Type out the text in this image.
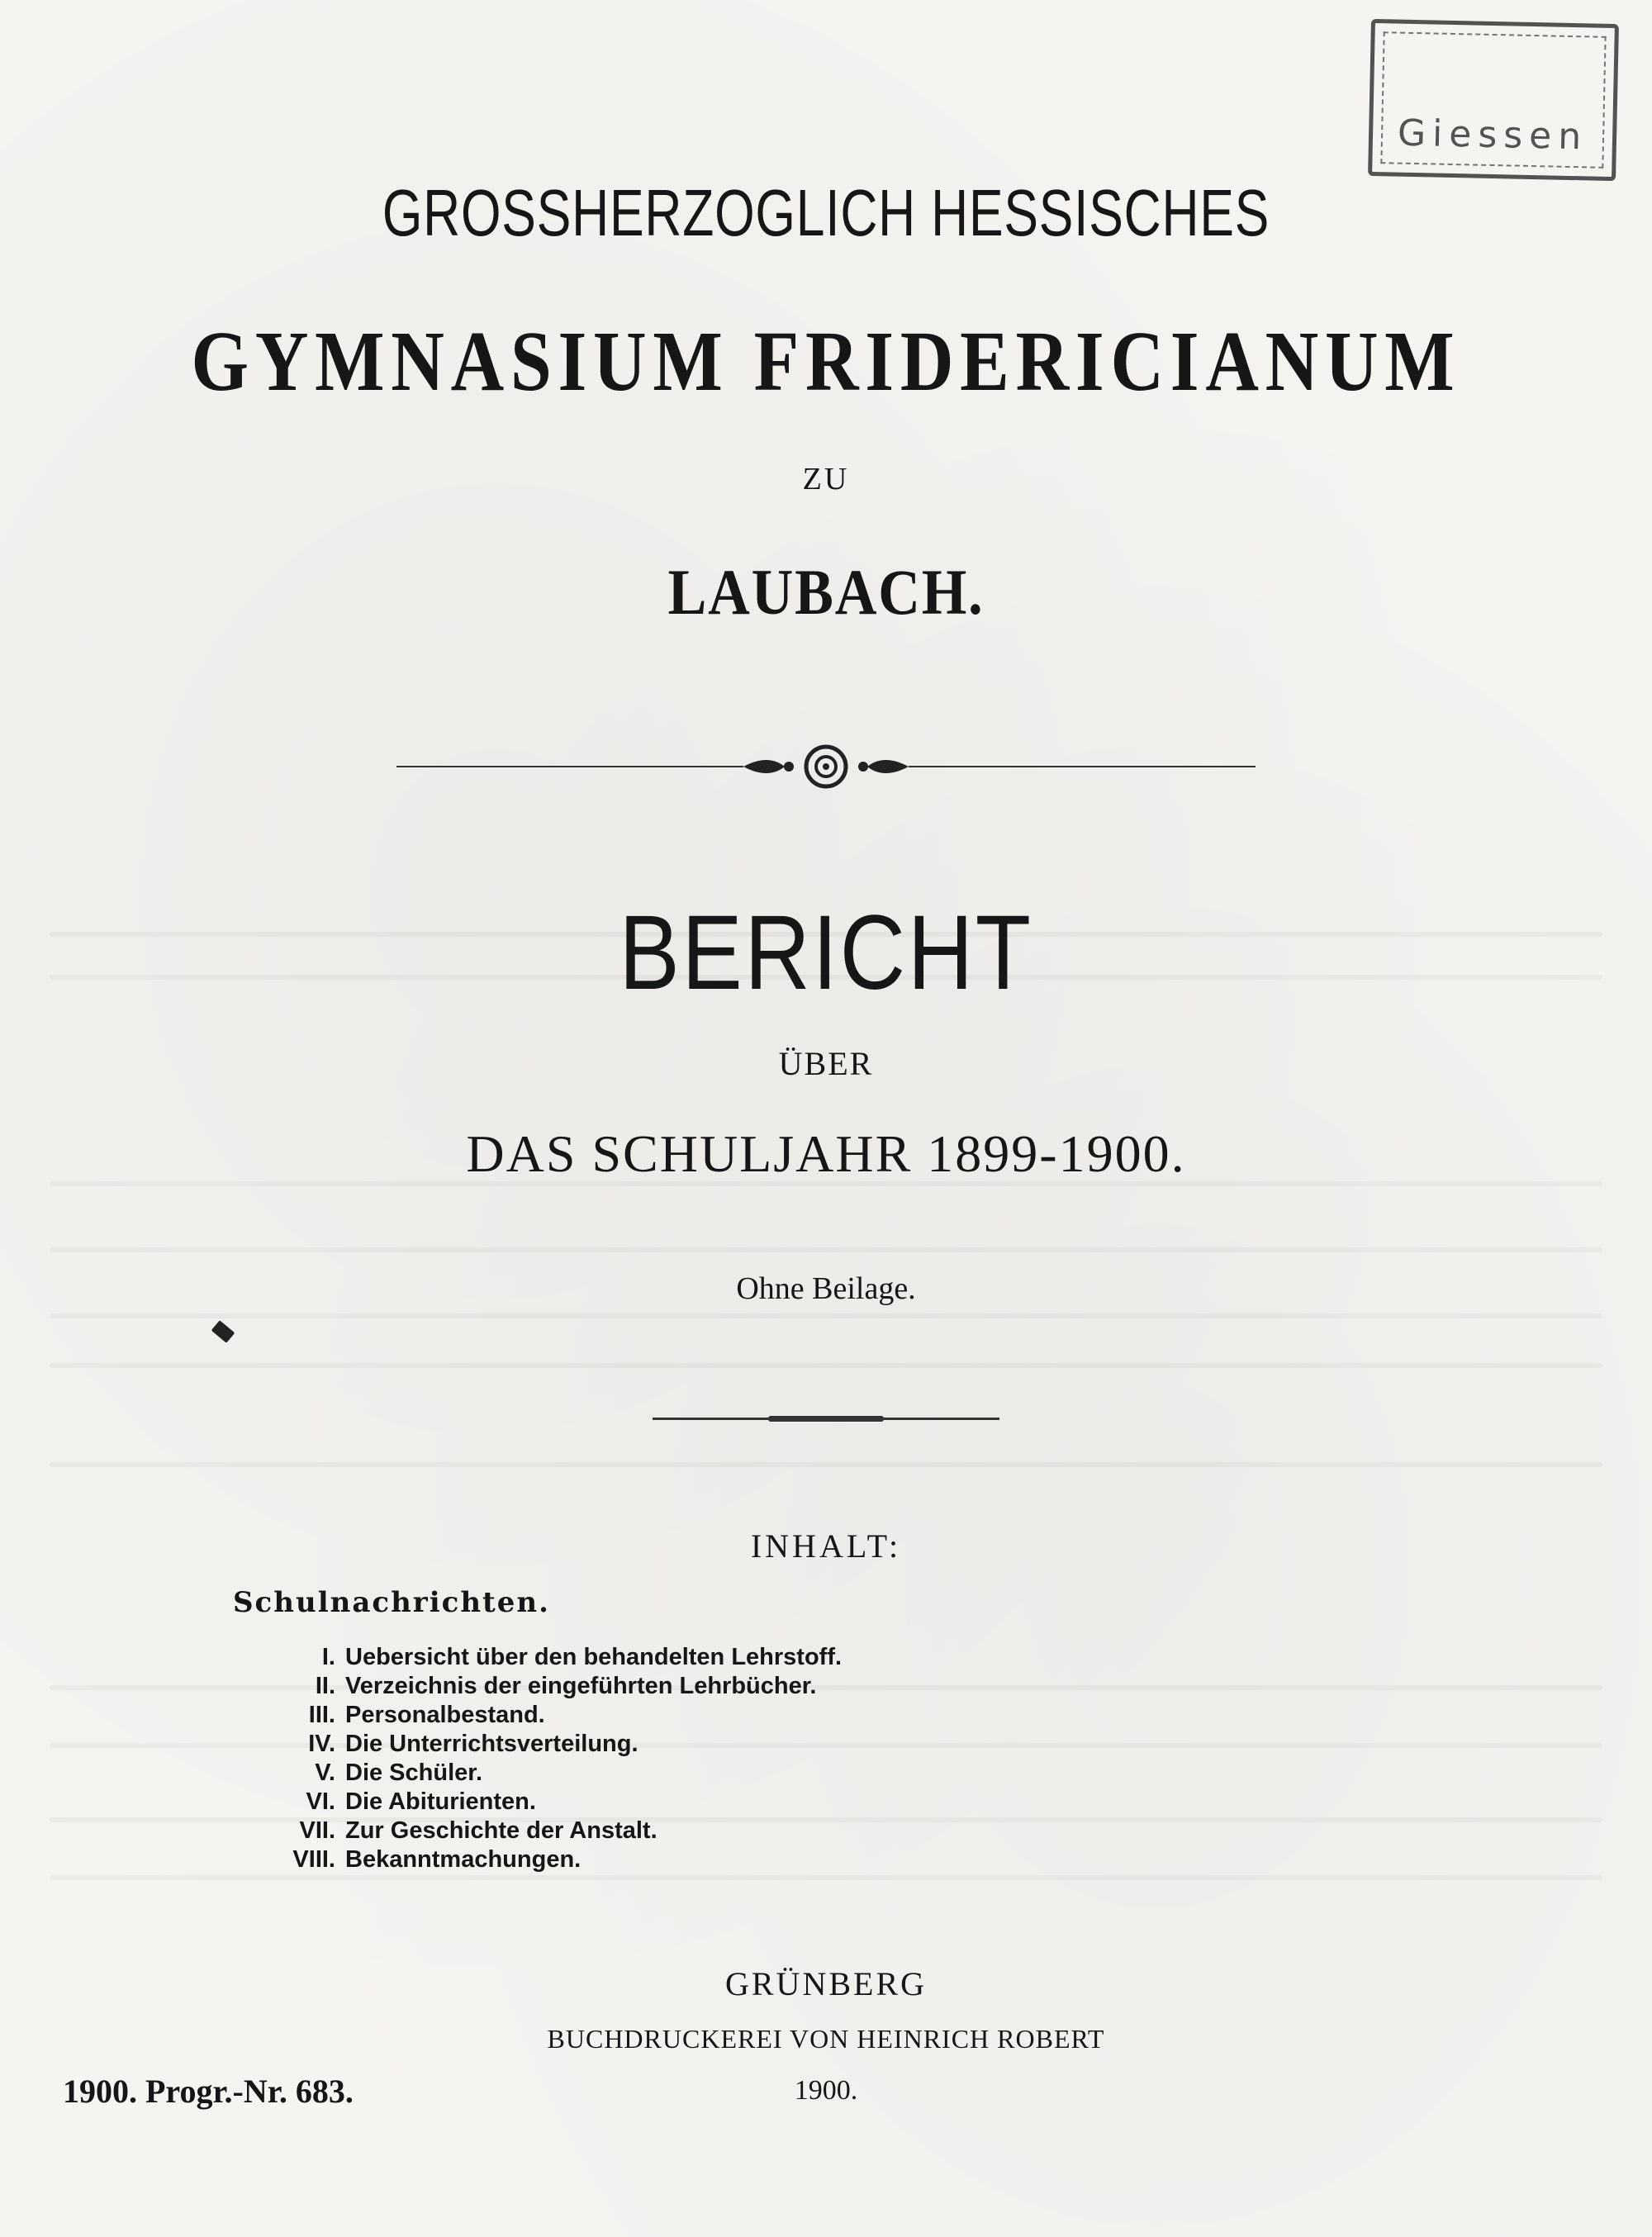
Giessen
GROSSHERZOGLICH HESSISCHES
GYMNASIUM FRIDERICIANUM
ZU
LAUBACH.
BERICHT
ÜBER
DAS SCHULJAHR 1899-1900.
Ohne Beilage.
INHALT:
Schulnachrichten.
I. Uebersicht über den behandelten Lehrstoff.
II. Verzeichnis der eingeführten Lehrbücher.
III. Personalbestand.
IV. Die Unterrichtsverteilung.
V. Die Schüler.
VI. Die Abiturienten.
VII. Zur Geschichte der Anstalt.
VIII. Bekanntmachungen.
GRÜNBERG
BUCHDRUCKEREI VON HEINRICH ROBERT
1900.
1900. Progr.-Nr. 683.
